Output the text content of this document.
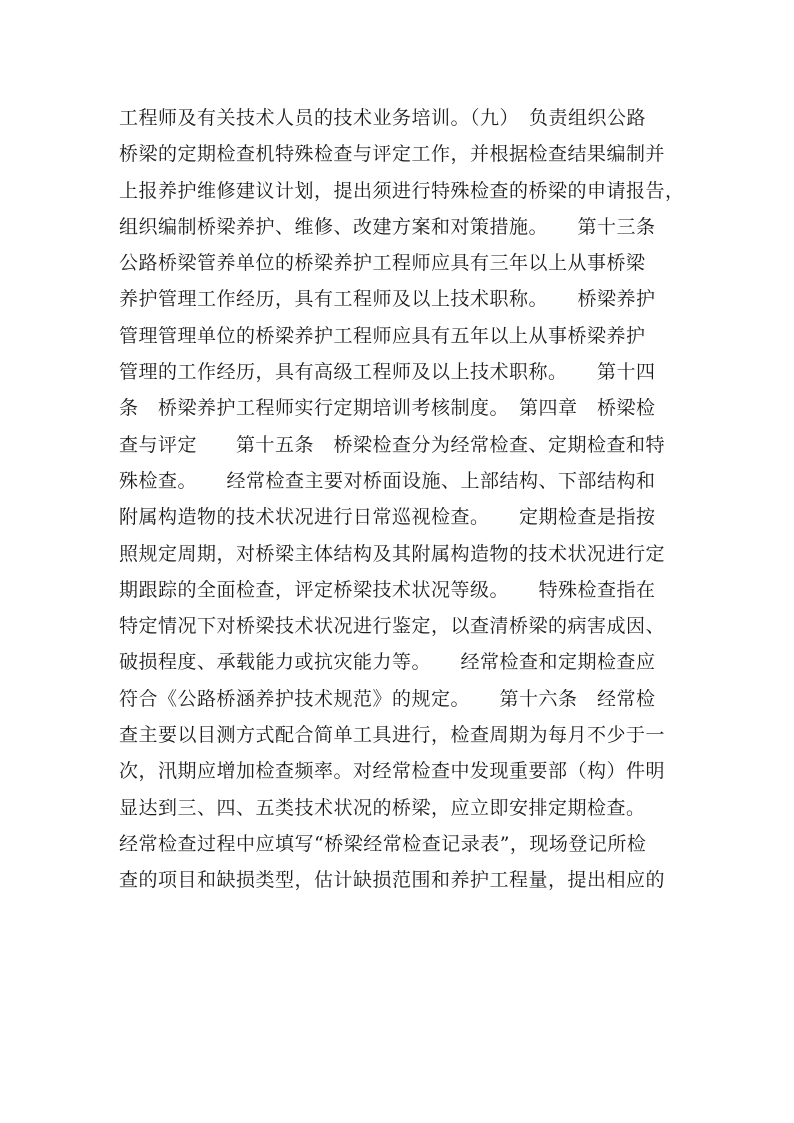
工程师及有关技术人员的技术业务培训。（九）　负责组织公路
桥梁的定期检查机特殊检查与评定工作，并根据检查结果编制并
上报养护维修建议计划，提出须进行特殊检查的桥梁的申请报告，
组织编制桥梁养护、维修、改建方案和对策措施。　　第十三条　
公路桥梁管养单位的桥梁养护工程师应具有三年以上从事桥梁
养护管理工作经历，具有工程师及以上技术职称。　　桥梁养护
管理管理单位的桥梁养护工程师应具有五年以上从事桥梁养护
管理的工作经历，具有高级工程师及以上技术职称。　　第十四
条　桥梁养护工程师实行定期培训考核制度。　第四章　桥梁检
查与评定　　第十五条　桥梁检查分为经常检查、定期检查和特
殊检查。　　经常检查主要对桥面设施、上部结构、下部结构和
附属构造物的技术状况进行日常巡视检查。　　定期检查是指按
照规定周期，对桥梁主体结构及其附属构造物的技术状况进行定
期跟踪的全面检查，评定桥梁技术状况等级。　　特殊检查指在
特定情况下对桥梁技术状况进行鉴定，以查清桥梁的病害成因、
破损程度、承载能力或抗灾能力等。　　经常检查和定期检查应
符合《公路桥涵养护技术规范》的规定。　　第十六条　经常检
查主要以目测方式配合简单工具进行，检查周期为每月不少于一
次，汛期应增加检查频率。对经常检查中发现重要部（构）件明
显达到三、四、五类技术状况的桥梁，应立即安排定期检查。
经常检查过程中应填写“桥梁经常检查记录表”，现场登记所检
查的项目和缺损类型，估计缺损范围和养护工程量，提出相应的
